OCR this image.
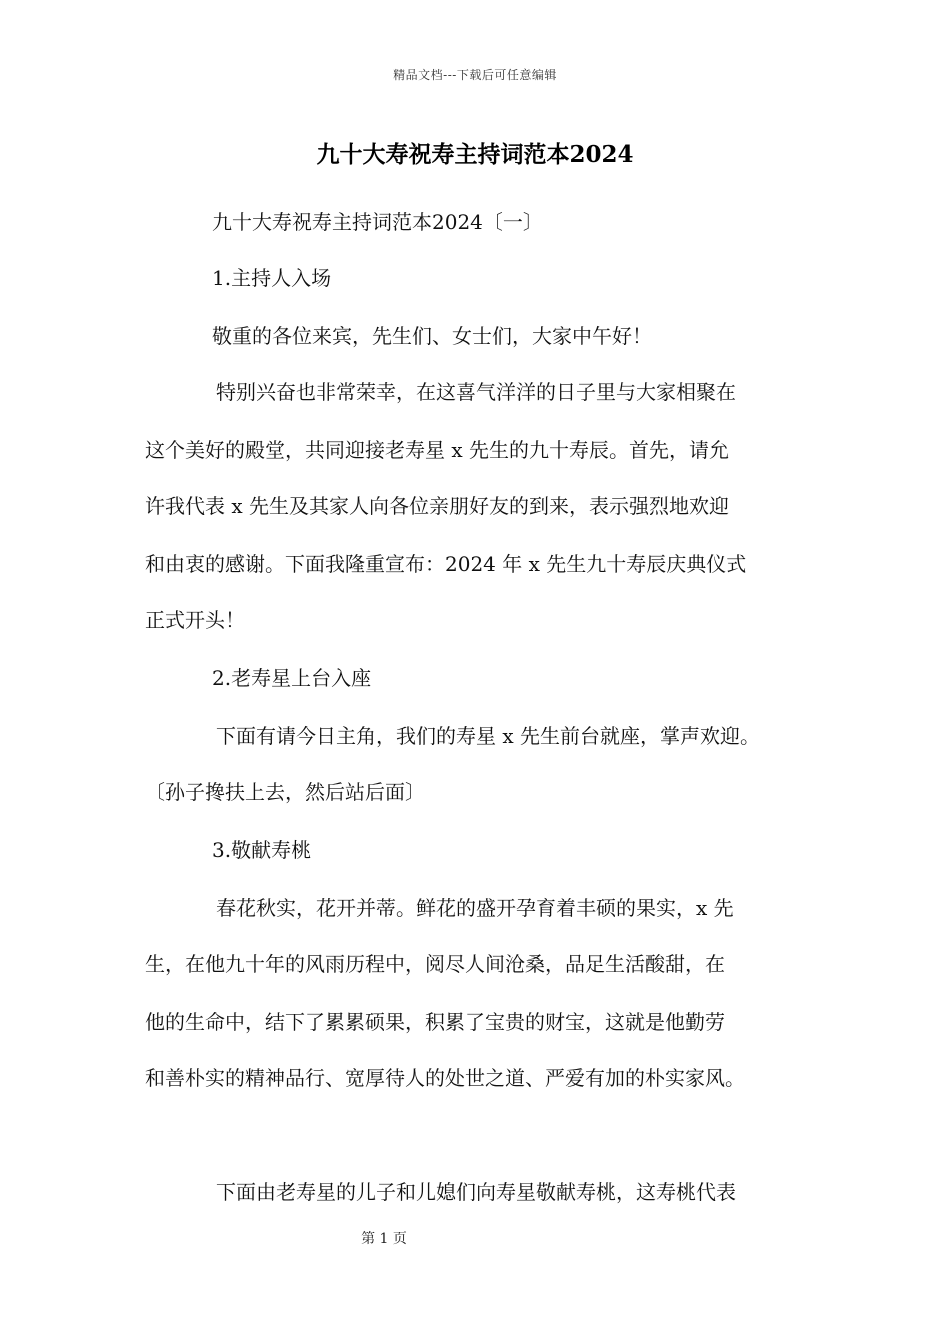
精品文档---下载后可任意编辑
九十大寿祝寿主持词范本2024
九十大寿祝寿主持词范本2024〔一〕
1.主持人入场
敬重的各位来宾，先生们、女士们，大家中午好！
特别兴奋也非常荣幸，在这喜气洋洋的日子里与大家相聚在
这个美好的殿堂，共同迎接老寿星 x 先生的九十寿辰。首先，请允
许我代表 x 先生及其家人向各位亲朋好友的到来，表示强烈地欢迎
和由衷的感谢。下面我隆重宣布：2024 年 x 先生九十寿辰庆典仪式
正式开头！
2.老寿星上台入座
下面有请今日主角，我们的寿星 x 先生前台就座，掌声欢迎。
〔孙子搀扶上去，然后站后面〕
3.敬献寿桃
春花秋实，花开并蒂。鲜花的盛开孕育着丰硕的果实，x 先
生，在他九十年的风雨历程中，阅尽人间沧桑，品足生活酸甜，在
他的生命中，结下了累累硕果，积累了宝贵的财宝，这就是他勤劳
和善朴实的精神品行、宽厚待人的处世之道、严爱有加的朴实家风。
下面由老寿星的儿子和儿媳们向寿星敬献寿桃，这寿桃代表
第 1 页
